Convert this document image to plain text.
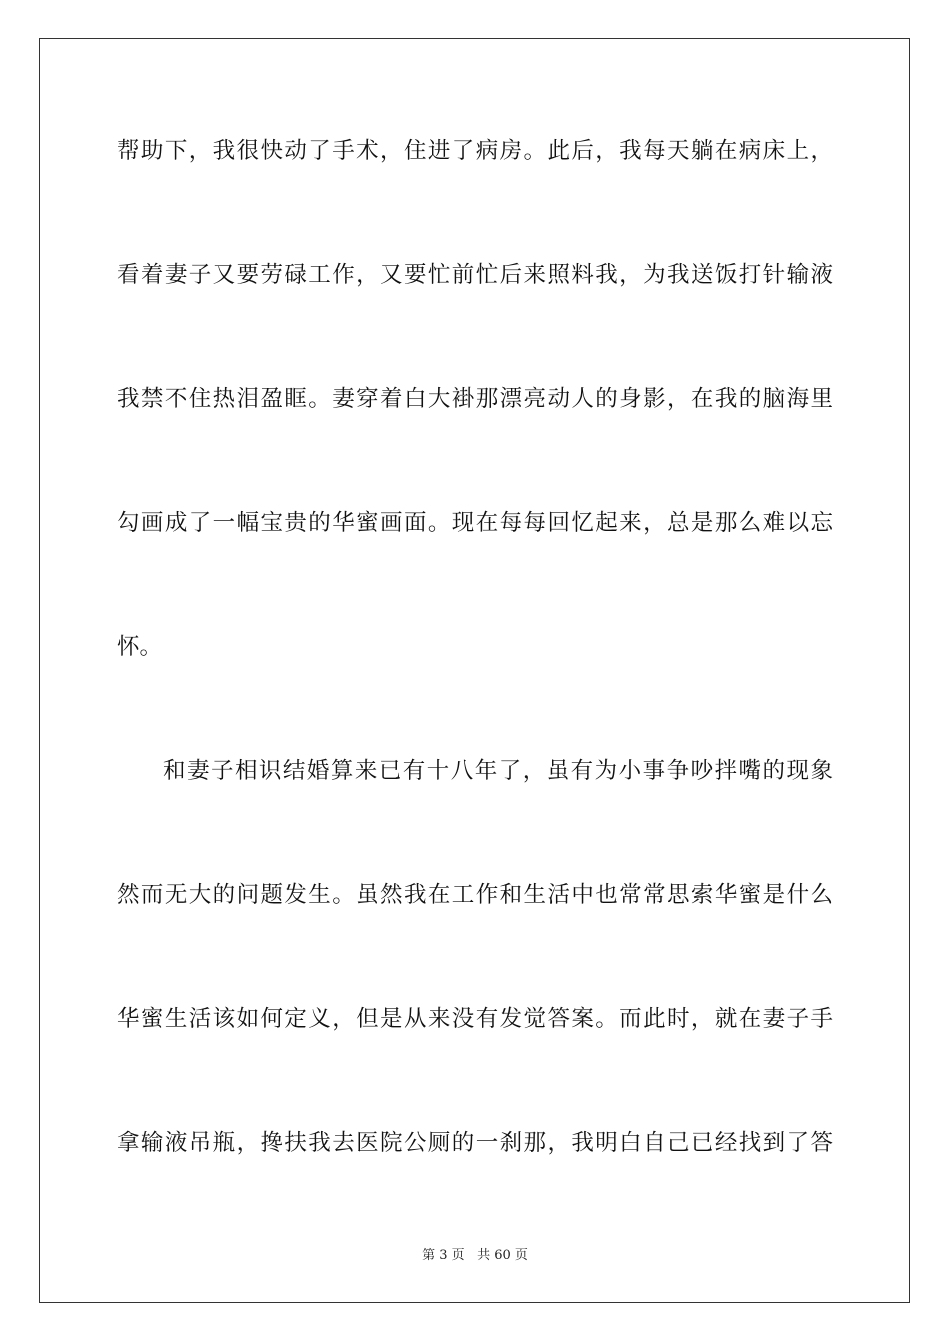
帮助下，我很快动了手术，住进了病房。此后，我每天躺在病床上，
看着妻子又要劳碌工作，又要忙前忙后来照料我，为我送饭打针输液
我禁不住热泪盈眶。妻穿着白大褂那漂亮动人的身影，在我的脑海里
勾画成了一幅宝贵的华蜜画面。现在每每回忆起来，总是那么难以忘
怀。
和妻子相识结婚算来已有十八年了，虽有为小事争吵拌嘴的现象
然而无大的问题发生。虽然我在工作和生活中也常常思索华蜜是什么
华蜜生活该如何定义，但是从来没有发觉答案。而此时，就在妻子手
拿输液吊瓶，搀扶我去医院公厕的一刹那，我明白自己已经找到了答
第 3 页 共 60 页
